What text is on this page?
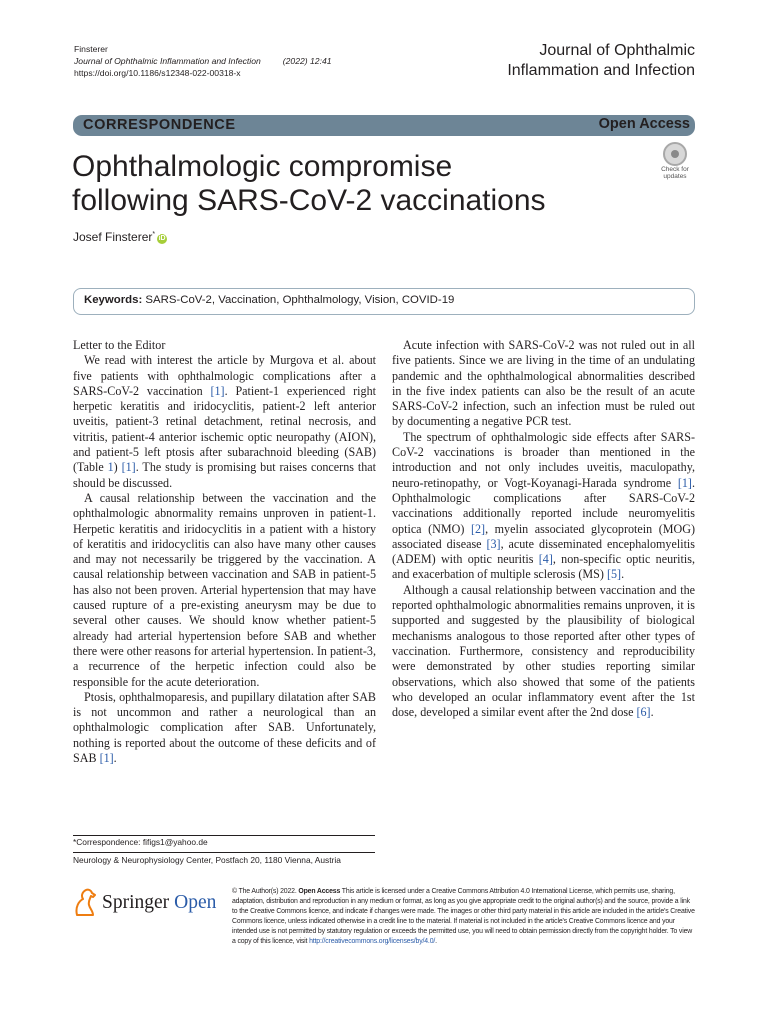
Finsterer
Journal of Ophthalmic Inflammation and Infection	(2022) 12:41
https://doi.org/10.1186/s12348-022-00318-x
Journal of Ophthalmic
Inflammation and Infection
CORRESPONDENCE	Open Access
Ophthalmologic compromise
following SARS-CoV-2 vaccinations
Check for
updates
Josef Finsterer*iD
Keywords: SARS-CoV-2, Vaccination, Ophthalmology, Vision, COVID-19

Letter to the Editor

We read with interest the article by Murgova et al. about five patients with ophthalmologic complications after a SARS-CoV-2 vaccination [1]. Patient-1 experienced right herpetic keratitis and iridocyclitis, patient-2 left anterior uveitis, patient-3 retinal detachment, retinal necrosis, and vitritis, patient-4 anterior ischemic optic neuropathy (AION), and patient-5 left ptosis after subarachnoid bleeding (SAB) (Table 1) [1]. The study is promising but raises concerns that should be discussed.

A causal relationship between the vaccination and the ophthalmologic abnormality remains unproven in patient-1. Herpetic keratitis and iridocyclitis in a patient with a history of keratitis and iridocyclitis can also have many other causes and may not necessarily be triggered by the vaccination. A causal relationship between vaccination and SAB in patient-5 has also not been proven. Arterial hypertension that may have caused rupture of a pre-existing aneurysm may be due to several other causes. We should know whether patient-5 already had arterial hypertension before SAB and whether there were other reasons for arterial hypertension. In patient-3, a recurrence of the herpetic infection could also be responsible for the acute deterioration.

Ptosis, ophthalmoparesis, and pupillary dilatation after SAB is not uncommon and rather a neurological than an ophthalmologic complication after SAB. Unfortunately, nothing is reported about the outcome of these deficits and of SAB [1].

Acute infection with SARS-CoV-2 was not ruled out in all five patients. Since we are living in the time of an undulating pandemic and the ophthalmological abnormalities described in the five index patients can also be the result of an acute SARS-CoV-2 infection, such an infection must be ruled out by documenting a negative PCR test.

The spectrum of ophthalmologic side effects after SARS-CoV-2 vaccinations is broader than mentioned in the introduction and not only includes uveitis, maculopathy, neuro-retinopathy, or Vogt-Koyanagi-Harada syndrome [1]. Ophthalmologic complications after SARS-CoV-2 vaccinations additionally reported include neuromyelitis optica (NMO) [2], myelin associated glycoprotein (MOG) associated disease [3], acute disseminated encephalomyelitis (ADEM) with optic neuritis [4], non-specific optic neuritis, and exacerbation of multiple sclerosis (MS) [5].

Although a causal relationship between vaccination and the reported ophthalmologic abnormalities remains unproven, it is supported and suggested by the plausibility of biological mechanisms analogous to those reported after other types of vaccination. Furthermore, consistency and reproducibility were demonstrated by other studies reporting similar observations, which also showed that some of the patients who developed an ocular inflammatory event after the 1st dose, developed a similar event after the 2nd dose [6].

*Correspondence: fifigs1@yahoo.de
Neurology & Neurophysiology Center, Postfach 20, 1180 Vienna, Austria
Springer Open
© The Author(s) 2022. Open Access This article is licensed under a Creative Commons Attribution 4.0 International License, which permits use, sharing, adaptation, distribution and reproduction in any medium or format, as long as you give appropriate credit to the original author(s) and the source, provide a link to the Creative Commons licence, and indicate if changes were made. The images or other third party material in this article are included in the article's Creative Commons licence, unless indicated otherwise in a credit line to the material. If material is not included in the article's Creative Commons licence and your intended use is not permitted by statutory regulation or exceeds the permitted use, you will need to obtain permission directly from the copyright holder. To view a copy of this licence, visit http://creativecommons.org/licenses/by/4.0/.
